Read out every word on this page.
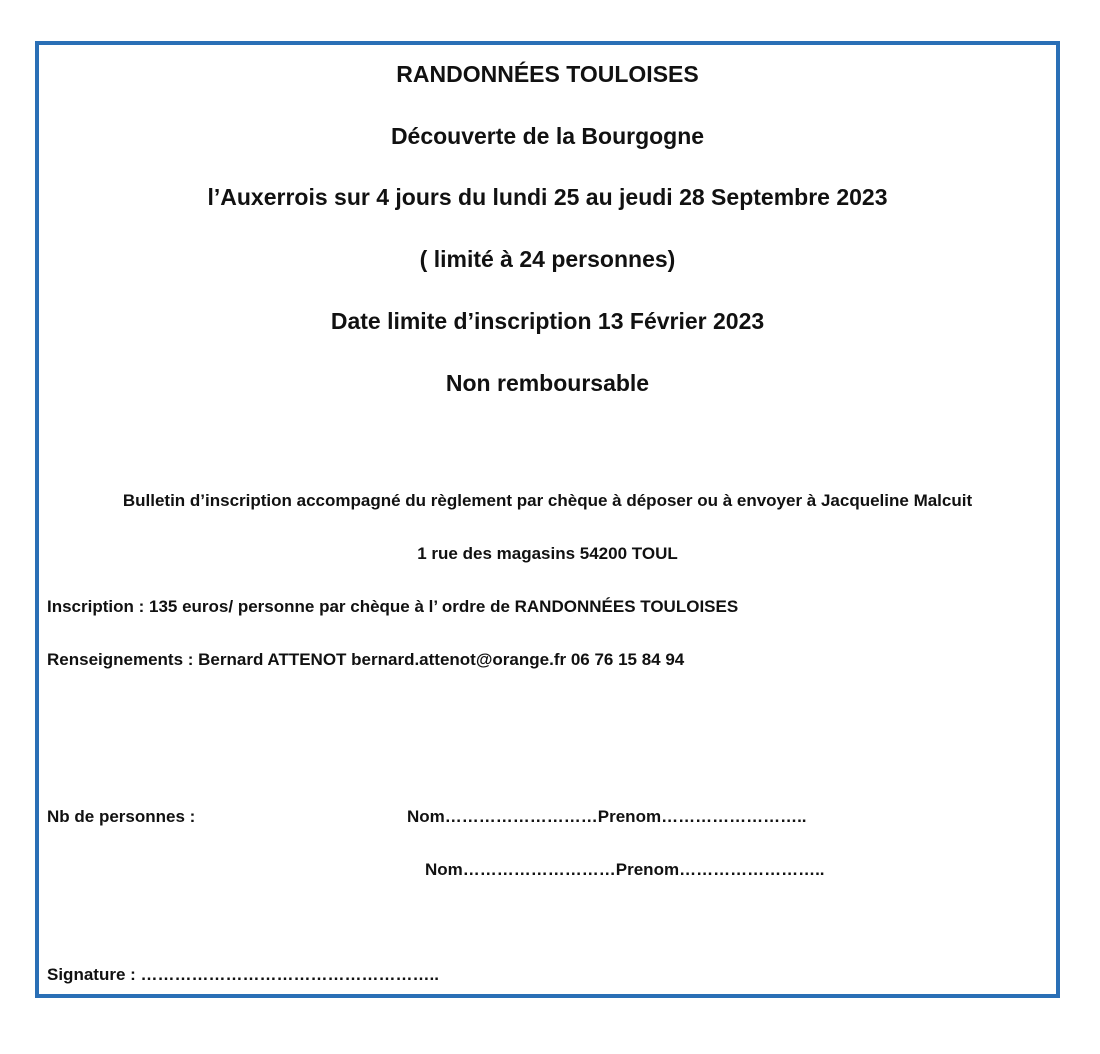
RANDONNÉES TOULOISES
Découverte de la Bourgogne
l’Auxerrois sur 4 jours du lundi 25 au jeudi 28 Septembre 2023
( limité à 24 personnes)
Date limite d’inscription 13 Février 2023
Non remboursable
Bulletin d’inscription accompagné du règlement par chèque à déposer ou à envoyer à Jacqueline Malcuit
1 rue des magasins 54200 TOUL
Inscription : 135 euros/ personne par chèque à l’ ordre de RANDONNÉES TOULOISES
Renseignements : Bernard ATTENOT bernard.attenot@orange.fr 06 76 15 84 94
Nb de personnes :	Nom………………………Prenom……………………..
Nom………………………Prenom……………………..
Signature : ……………………………………………..
